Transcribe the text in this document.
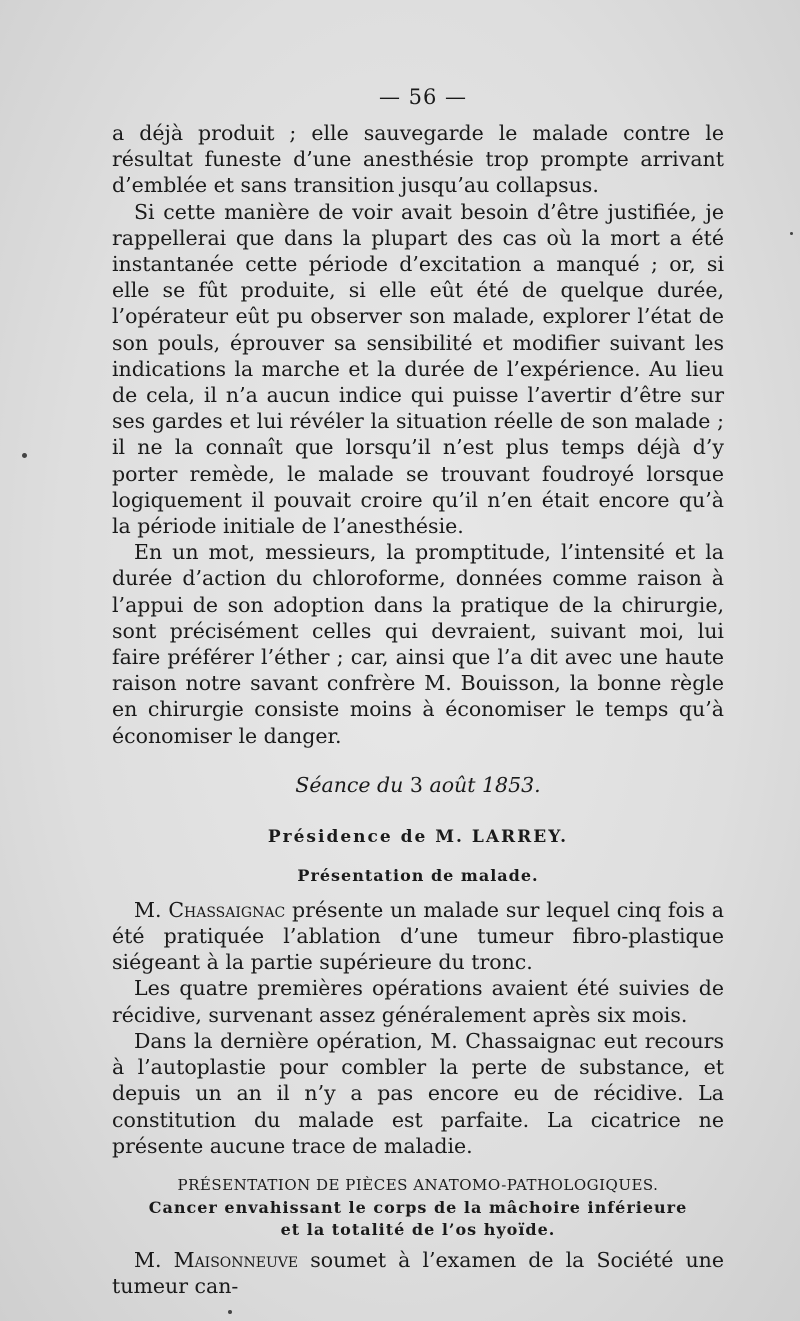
— 56 —

a déjà produit ; elle sauvegarde le malade contre le résultat funeste d’une anesthésie trop prompte arrivant d’emblée et sans transition jusqu’au collapsus.

Si cette manière de voir avait besoin d’être justifiée, je rappellerai que dans la plupart des cas où la mort a été instantanée cette période d’excitation a manqué ; or, si elle se fût produite, si elle eût été de quelque durée, l’opérateur eût pu observer son malade, explorer l’état de son pouls, éprouver sa sensibilité et modifier suivant les indications la marche et la durée de l’expérience. Au lieu de cela, il n’a aucun indice qui puisse l’avertir d’être sur ses gardes et lui révéler la situation réelle de son malade ; il ne la connaît que lorsqu’il n’est plus temps déjà d’y porter remède, le malade se trouvant foudroyé lorsque logiquement il pouvait croire qu’il n’en était encore qu’à la période initiale de l’anesthésie.

En un mot, messieurs, la promptitude, l’intensité et la durée d’action du chloroforme, données comme raison à l’appui de son adoption dans la pratique de la chirurgie, sont précisément celles qui devraient, suivant moi, lui faire préférer l’éther ; car, ainsi que l’a dit avec une haute raison notre savant confrère M. Bouisson, la bonne règle en chirurgie consiste moins à économiser le temps qu’à économiser le danger.

Séance du 3 août 1853.
Présidence de M. LARREY.
Présentation de malade.

M. Chassaignac présente un malade sur lequel cinq fois a été pratiquée l’ablation d’une tumeur fibro-plastique siégeant à la partie supérieure du tronc.

Les quatre premières opérations avaient été suivies de récidive, survenant assez généralement après six mois.

Dans la dernière opération, M. Chassaignac eut recours à l’autoplastie pour combler la perte de substance, et depuis un an il n’y a pas encore eu de récidive. La constitution du malade est parfaite. La cicatrice ne présente aucune trace de maladie.

PRÉSENTATION DE PIÈCES ANATOMO-PATHOLOGIQUES.
Cancer envahissant le corps de la mâchoire inférieure
et la totalité de l’os hyoïde.

M. Maisonneuve soumet à l’examen de la Société une tumeur can-
